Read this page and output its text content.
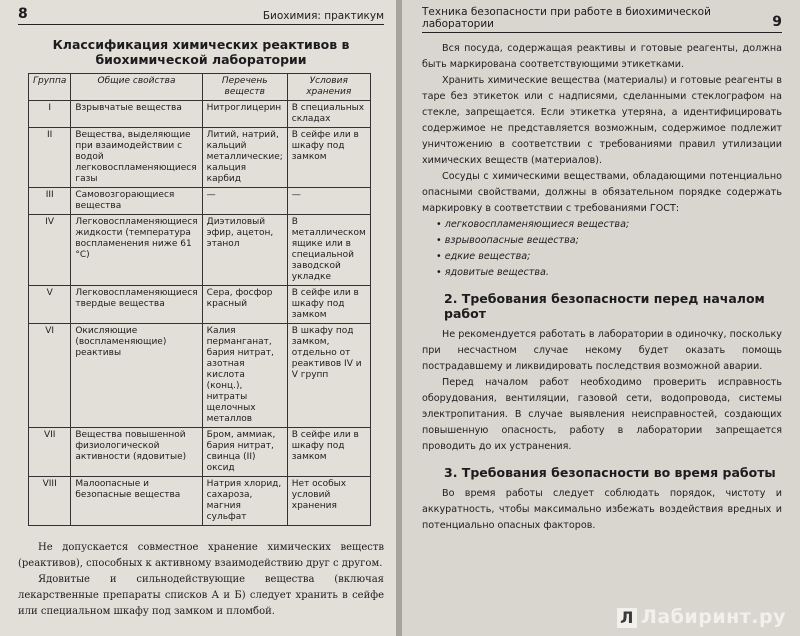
8	Биохимия: практикум
Классификация химических реактивов в биохимической лаборатории
Группа	Общие свойства	Перечень веществ	Условия хранения
I	Взрывчатые вещества	Нитроглицерин	В специальных складах
II	Вещества, выделяющие при взаимодействии с водой легковоспламеняющиеся газы	Литий, натрий, кальций металлические; кальция карбид	В сейфе или в шкафу под замком
III	Самовозгорающиеся вещества	—	—
IV	Легковоспламеняющиеся жидкости (температура воспламенения ниже 61 °С)	Диэтиловый эфир, ацетон, этанол	В металлическом ящике или в специальной заводской укладке
V	Легковоспламеняющиеся твердые вещества	Сера, фосфор красный	В сейфе или в шкафу под замком
VI	Окисляющие (воспламеняющие) реактивы	Калия перманганат, бария нитрат, азотная кислота (конц.), нитраты щелочных металлов	В шкафу под замком, отдельно от реактивов IV и V групп
VII	Вещества повышенной физиологической активности (ядовитые)	Бром, аммиак, бария нитрат, свинца (II) оксид	В сейфе или в шкафу под замком
VIII	Малоопасные и безопасные вещества	Натрия хлорид, сахароза, магния сульфат	Нет особых условий хранения

Не допускается совместное хранение химических веществ (реактивов), способных к активному взаимодействию друг с другом.

Ядовитые и сильнодействующие вещества (включая лекарственные препараты списков А и Б) следует хранить в сейфе или специальном шкафу под замком и пломбой.

Техника безопасности при работе в биохимической лаборатории	9

Вся посуда, содержащая реактивы и готовые реагенты, должна быть маркирована соответствующими этикетками.

Хранить химические вещества (материалы) и готовые реагенты в таре без этикеток или с надписями, сделанными стеклографом на стекле, запрещается. Если этикетка утеряна, а идентифицировать содержимое не представляется возможным, содержимое подлежит уничтожению в соответствии с требованиями правил утилизации химических веществ (материалов).

Сосуды с химическими веществами, обладающими потенциально опасными свойствами, должны в обязательном порядке содержать маркировку в соответствии с требованиями ГОСТ:

• легковоспламеняющиеся вещества;
• взрывоопасные вещества;
• едкие вещества;
• ядовитые вещества.
2. Требования безопасности перед началом работ

Не рекомендуется работать в лаборатории в одиночку, поскольку при несчастном случае некому будет оказать помощь пострадавшему и ликвидировать последствия возможной аварии.

Перед началом работ необходимо проверить исправность оборудования, вентиляции, газовой сети, водопровода, системы электропитания. В случае выявления неисправностей, создающих повышенную опасность, работу в лаборатории запрещается проводить до их устранения.

3. Требования безопасности во время работы

Во время работы следует соблюдать порядок, чистоту и аккуратность, чтобы максимально избежать воздействия вредных и потенциально опасных факторов.

Л Лабиринт.ру
